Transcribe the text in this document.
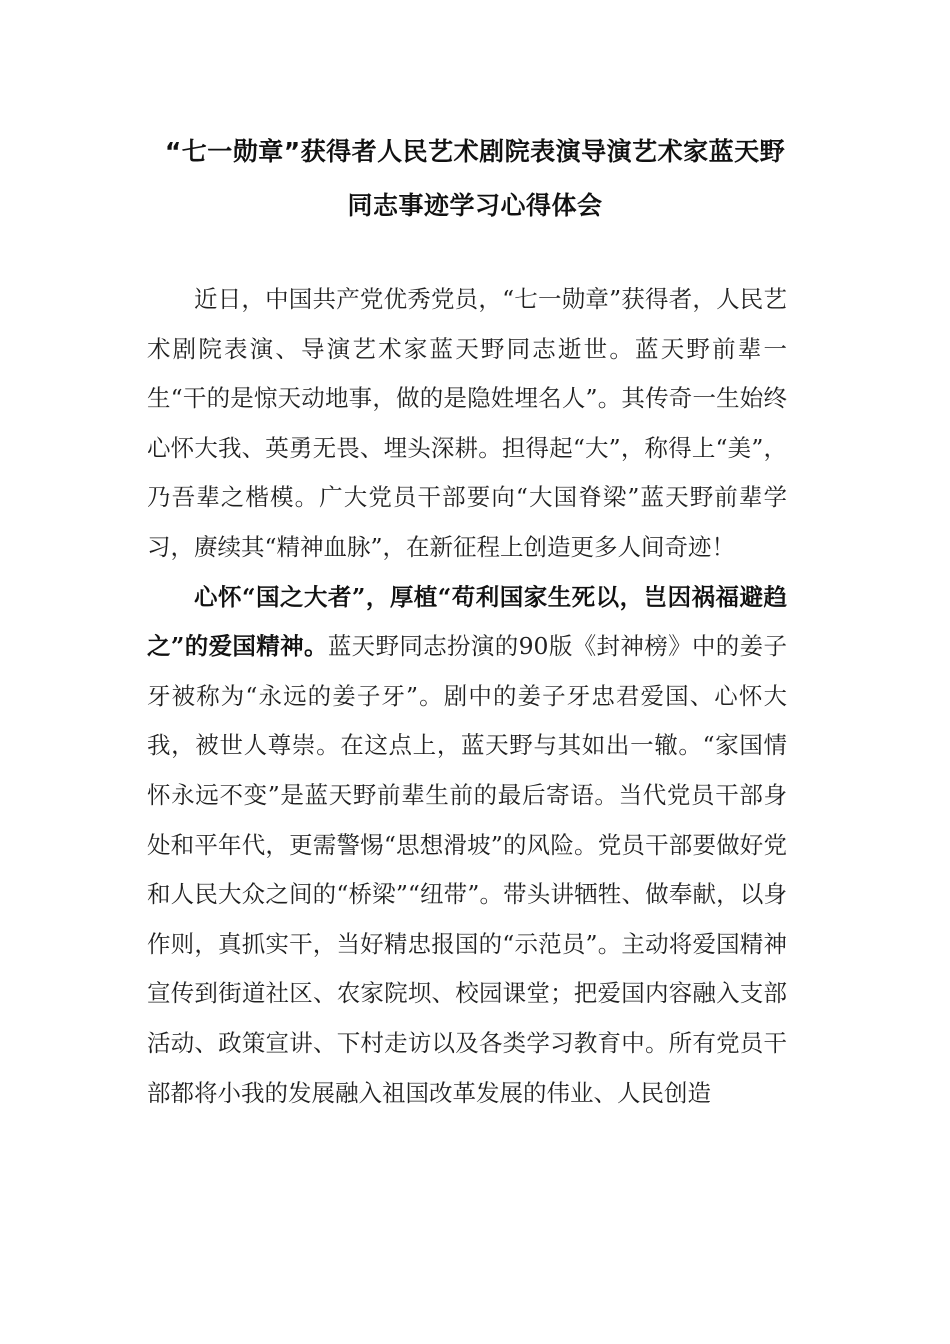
“七一勋章”获得者人民艺术剧院表演导演艺术家蓝天野
同志事迹学习心得体会

近日，中国共产党优秀党员，“七一勋章”获得者，人民艺术剧院表演、导演艺术家蓝天野同志逝世。蓝天野前辈一生“干的是惊天动地事，做的是隐姓埋名人”。其传奇一生始终心怀大我、英勇无畏、埋头深耕。担得起“大”，称得上“美”，乃吾辈之楷模。广大党员干部要向“大国脊梁”蓝天野前辈学习，赓续其“精神血脉”，在新征程上创造更多人间奇迹！

心怀“国之大者”，厚植“苟利国家生死以，岂因祸福避趋之”的爱国精神。蓝天野同志扮演的90版《封神榜》中的姜子牙被称为“永远的姜子牙”。剧中的姜子牙忠君爱国、心怀大我，被世人尊崇。在这点上，蓝天野与其如出一辙。“家国情怀永远不变”是蓝天野前辈生前的最后寄语。当代党员干部身处和平年代，更需警惕“思想滑坡”的风险。党员干部要做好党和人民大众之间的“桥梁”“纽带”。带头讲牺牲、做奉献，以身作则，真抓实干，当好精忠报国的“示范员”。主动将爱国精神宣传到街道社区、农家院坝、校园课堂；把爱国内容融入支部活动、政策宣讲、下村走访以及各类学习教育中。所有党员干部都将小我的发展融入祖国改革发展的伟业、人民创造
